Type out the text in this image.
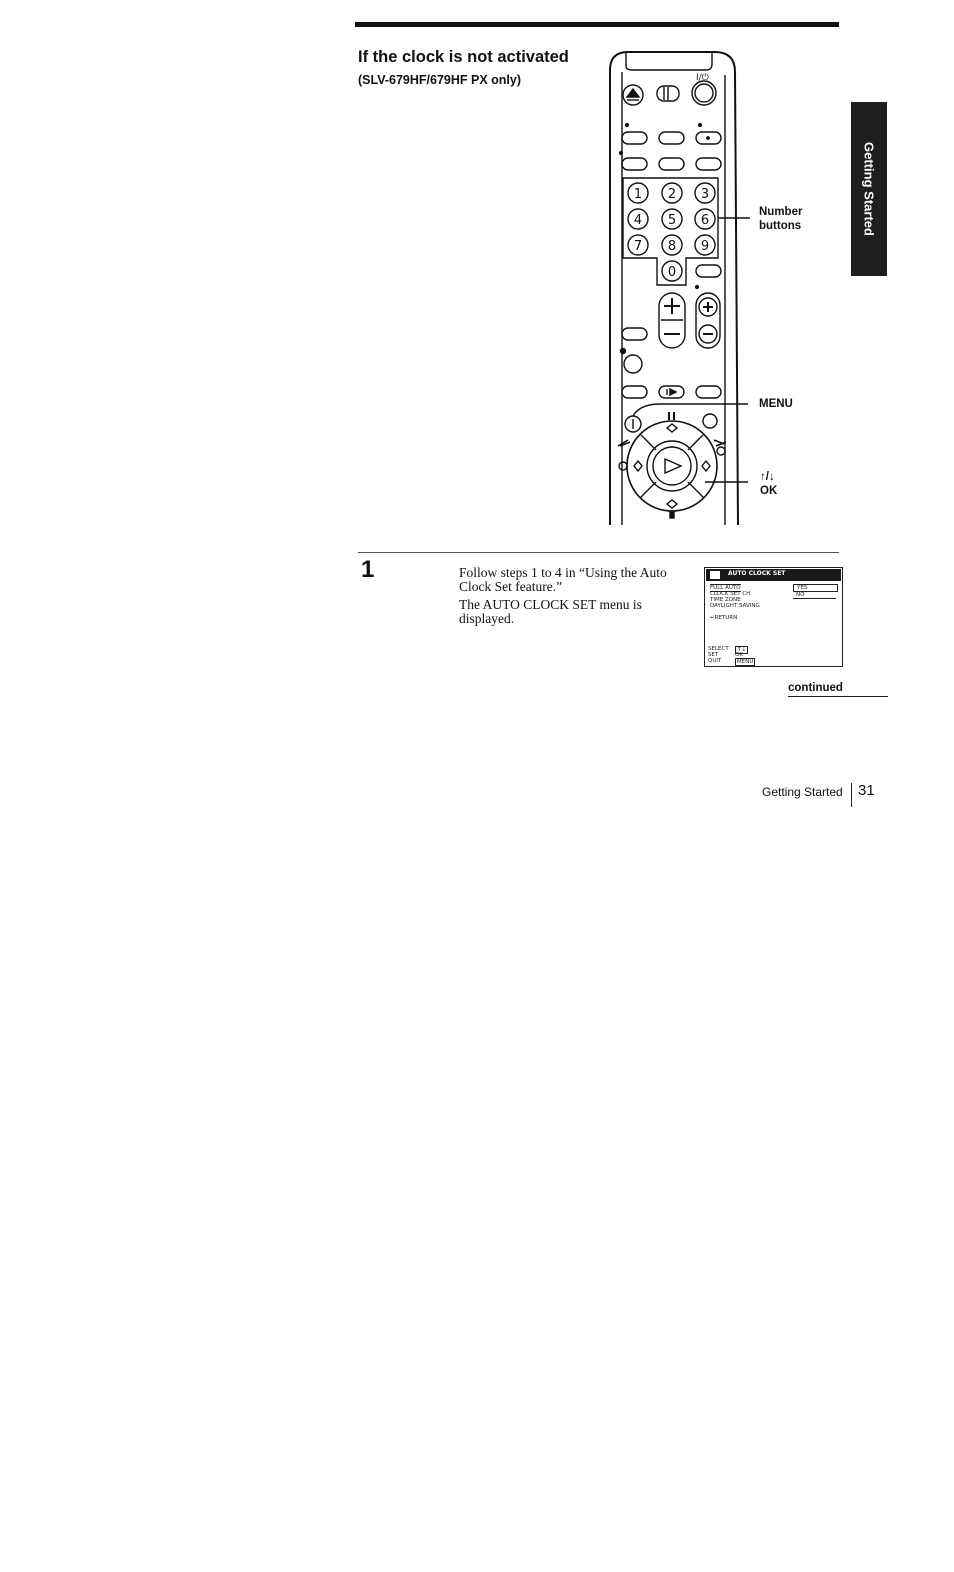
If the clock is not activated
(SLV-679HF/679HF PX only)
Getting Started
I/⏻
1 2 3
4 5 6
7 8 9
0
Number
buttons
MENU
↑/↓
OK
1	Follow steps 1 to 4 in “Using the Auto Clock Set feature.”
The AUTO CLOCK SET menu is displayed.
AUTO CLOCK SET
FULL AUTO
CLOCK SET CH
TIME ZONE
DAYLIGHT SAVING
YES
NO
↵RETURN
SELECT	↑↓
SET	OK
QUIT	MENU
continued
Getting Started 31
